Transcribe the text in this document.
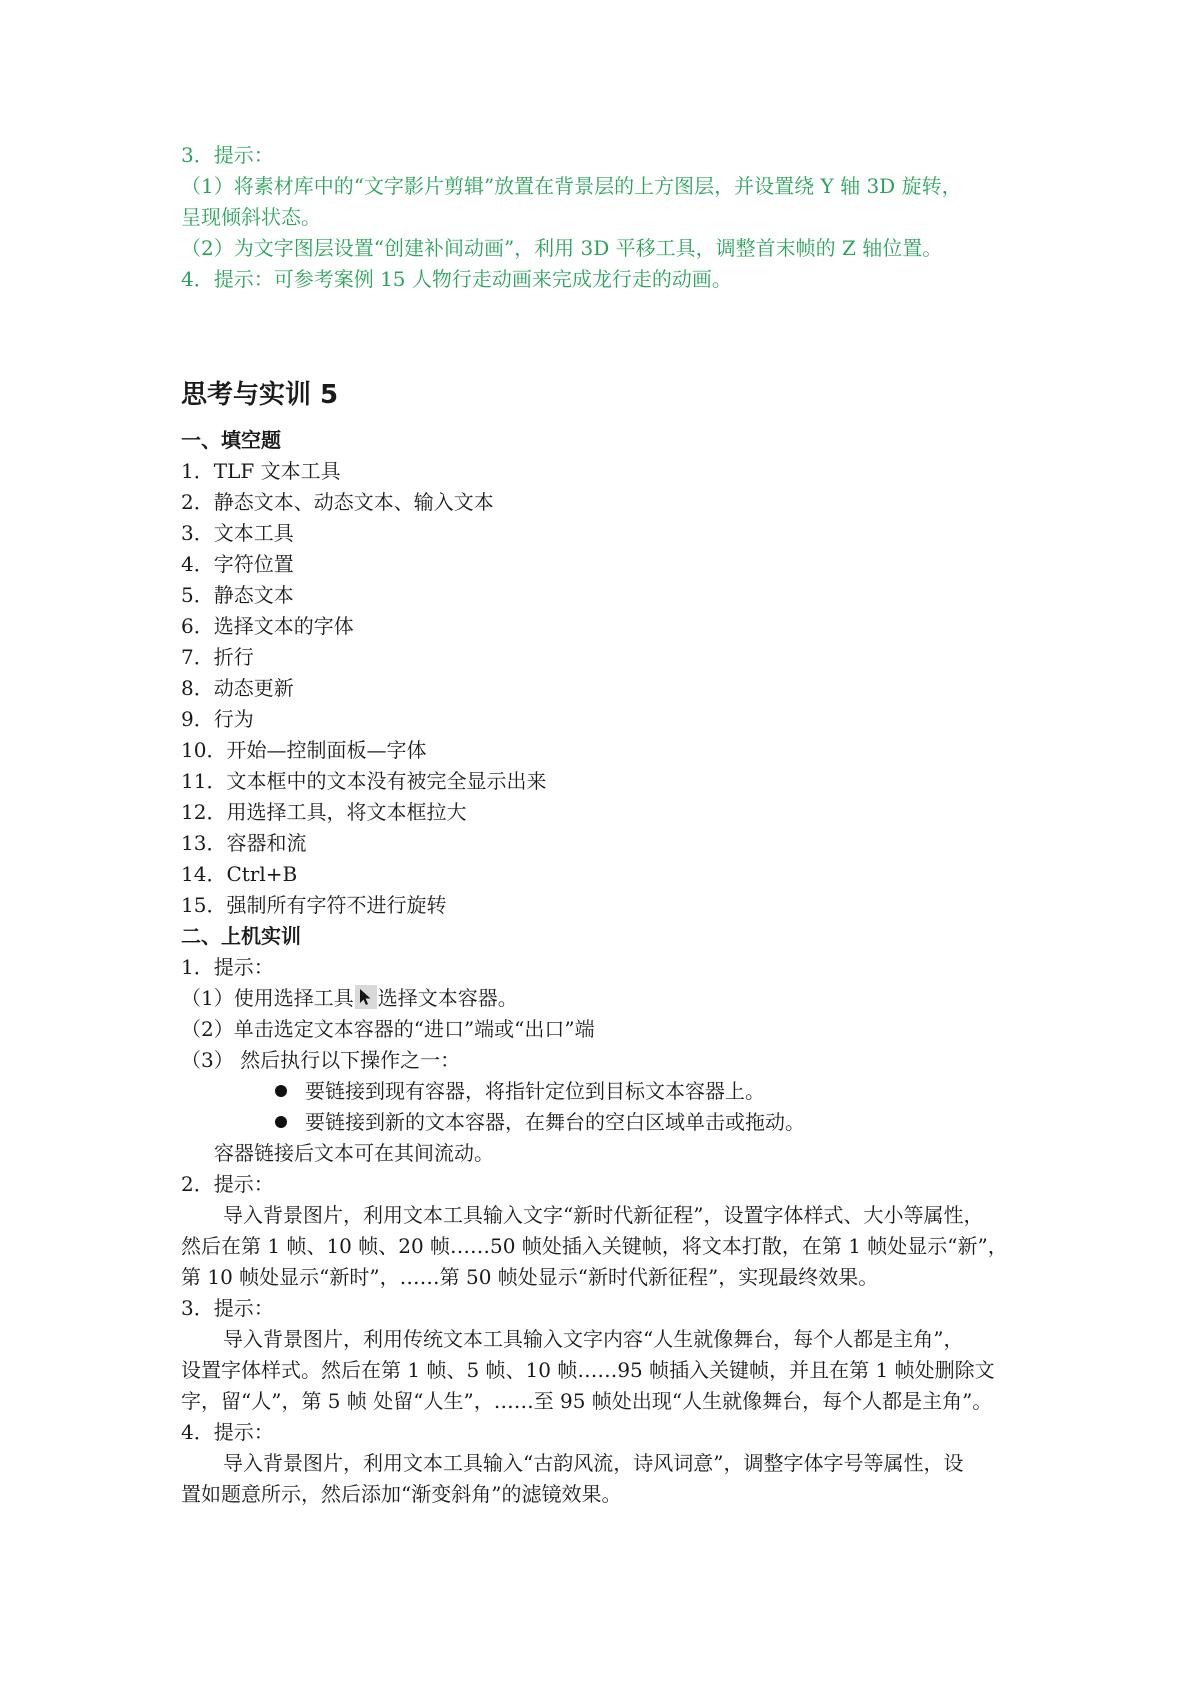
3．提示：
（1）将素材库中的“文字影片剪辑”放置在背景层的上方图层，并设置绕 Y 轴 3D 旋转，
呈现倾斜状态。
（2）为文字图层设置“创建补间动画”，利用 3D 平移工具，调整首末帧的 Z 轴位置。
4．提示：可参考案例 15 人物行走动画来完成龙行走的动画。
思考与实训 5
一、填空题
1．TLF 文本工具
2．静态文本、动态文本、输入文本
3．文本工具
4．字符位置
5．静态文本
6．选择文本的字体
7．折行
8．动态更新
9．行为
10．开始—控制面板—字体
11．文本框中的文本没有被完全显示出来
12．用选择工具，将文本框拉大
13．容器和流
14．Ctrl+B
15．强制所有字符不进行旋转
二、上机实训
1．提示：
（1）使用选择工具 选择文本容器。
（2）单击选定文本容器的“进口”端或“出口”端
（3） 然后执行以下操作之一：
要链接到现有容器，将指针定位到目标文本容器上。
要链接到新的文本容器，在舞台的空白区域单击或拖动。
容器链接后文本可在其间流动。
2．提示：
导入背景图片，利用文本工具输入文字“新时代新征程”，设置字体样式、大小等属性，
然后在第 1 帧、10 帧、20 帧……50 帧处插入关键帧，将文本打散，在第 1 帧处显示“新”，
第 10 帧处显示“新时”，……第 50 帧处显示“新时代新征程”，实现最终效果。
3．提示：
导入背景图片，利用传统文本工具输入文字内容“人生就像舞台，每个人都是主角”，
设置字体样式。然后在第 1 帧、5 帧、10 帧……95 帧插入关键帧，并且在第 1 帧处删除文
字，留“人”，第 5 帧 处留“人生”，……至 95 帧处出现“人生就像舞台，每个人都是主角”。
4．提示：
导入背景图片，利用文本工具输入“古韵风流，诗风词意”，调整字体字号等属性，设
置如题意所示，然后添加“渐变斜角”的滤镜效果。
